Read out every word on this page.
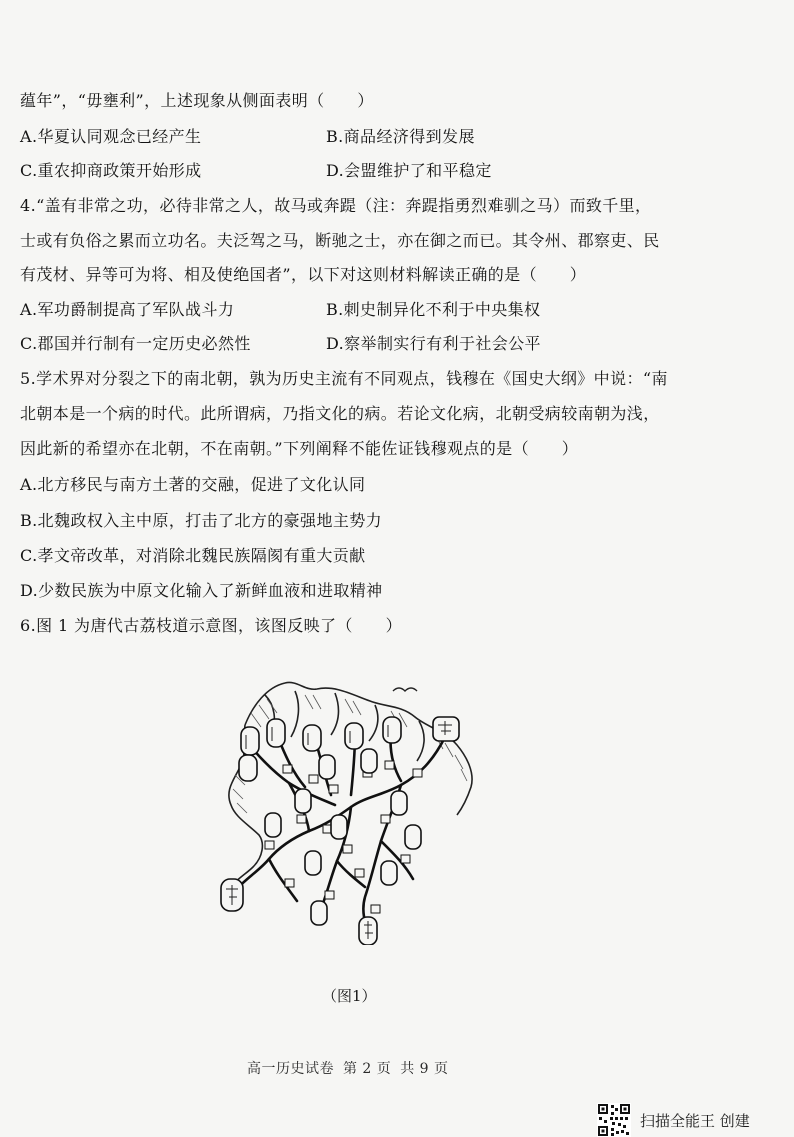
蕴年”，“毋壅利”，上述现象从侧面表明（　　）
A.华夏认同观念已经产生	B.商品经济得到发展
C.重农抑商政策开始形成	D.会盟维护了和平稳定
4.“盖有非常之功，必待非常之人，故马或奔踶（注：奔踶指勇烈难驯之马）而致千里，
士或有负俗之累而立功名。夫泛驾之马，断驰之士，亦在御之而已。其令州、郡察吏、民
有茂材、异等可为将、相及使绝国者”，以下对这则材料解读正确的是（　　）
A.军功爵制提高了军队战斗力	B.刺史制异化不利于中央集权
C.郡国并行制有一定历史必然性	D.察举制实行有利于社会公平
5.学术界对分裂之下的南北朝，孰为历史主流有不同观点，钱穆在《国史大纲》中说：“南
北朝本是一个病的时代。此所谓病，乃指文化的病。若论文化病，北朝受病较南朝为浅，
因此新的希望亦在北朝，不在南朝。”下列阐释不能佐证钱穆观点的是（　　）
A.北方移民与南方土著的交融，促进了文化认同
B.北魏政权入主中原，打击了北方的豪强地主势力
C.孝文帝改革，对消除北魏民族隔阂有重大贡献
D.少数民族为中原文化输入了新鲜血液和进取精神
6.图 1 为唐代古荔枝道示意图，该图反映了（　　）
（图1）
高一历史试卷 第 2 页 共 9 页
扫描全能王 创建
